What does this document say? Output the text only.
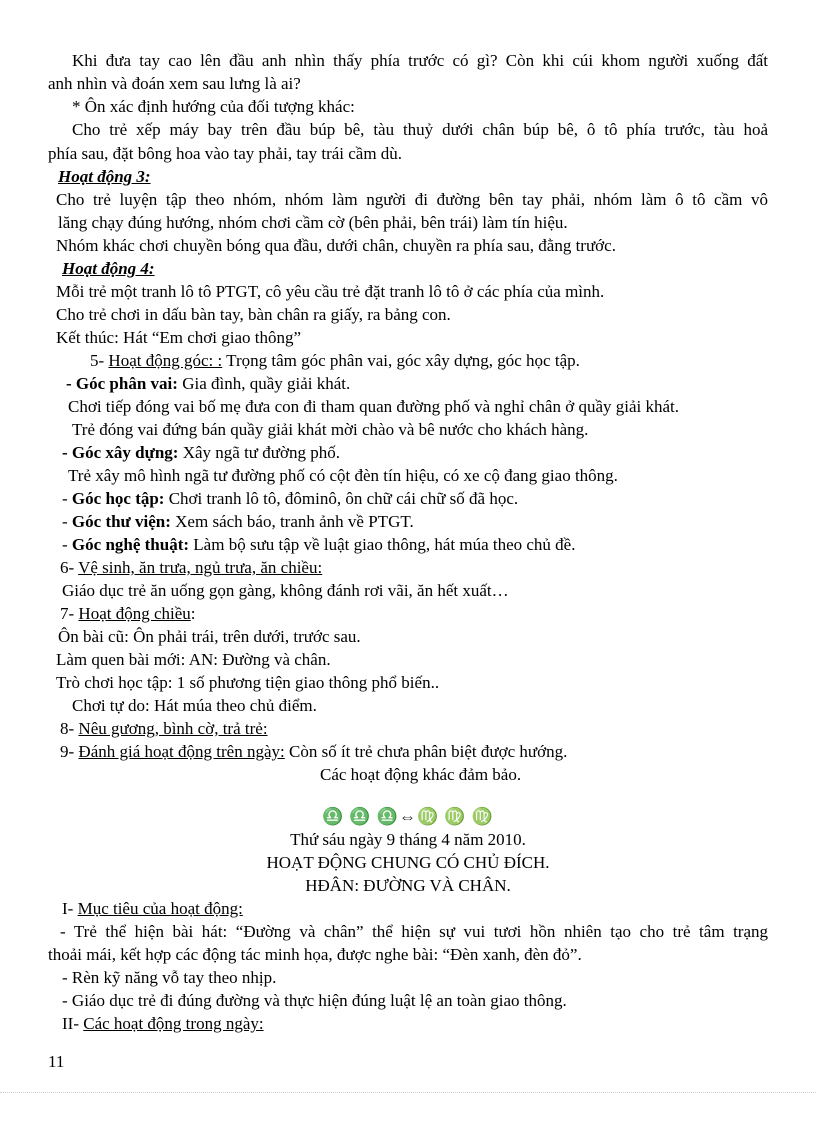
Khi đưa tay cao lên đầu anh nhìn thấy phía trước có gì? Còn khi cúi khom người xuống đất
anh nhìn và đoán xem sau lưng là ai?
* Ôn xác định hướng của đối tượng khác:
Cho trẻ xếp máy bay trên đầu búp bê, tàu thuỷ dưới chân búp bê, ô tô phía trước, tàu hoả
phía sau, đặt bông hoa vào tay phải, tay trái cầm dù.
Hoạt động 3:
Cho trẻ luyện tập theo nhóm, nhóm làm người đi đường bên tay phải, nhóm làm ô tô cầm vô
lăng chạy đúng hướng, nhóm chơi cầm cờ (bên phải, bên trái) làm tín hiệu.
Nhóm khác chơi chuyền bóng qua đầu, dưới chân, chuyền ra phía sau, đằng trước.
Hoạt động 4:
Mỗi trẻ một tranh lô tô PTGT, cô yêu cầu trẻ đặt tranh lô tô ở các phía của mình.
Cho trẻ chơi in dấu bàn tay, bàn chân ra giấy, ra bảng con.
Kết thúc: Hát “Em chơi giao thông”
5- Hoạt động góc: : Trọng tâm góc phân vai, góc xây dựng, góc học tập.
- Góc phân vai: Gia đình, quầy giải khát.
Chơi tiếp đóng vai bố mẹ đưa con đi tham quan đường phố và nghỉ chân ở quầy giải khát.
Trẻ đóng vai đứng bán quầy giải khát mời chào và bê nước cho khách hàng.
- Góc xây dựng: Xây ngã tư đường phố.
Trẻ xây mô hình ngã tư đường phố có cột đèn tín hiệu, có xe cộ đang giao thông.
- Góc học tập: Chơi tranh lô tô, đôminô, ôn chữ cái chữ số đã học.
- Góc thư viện: Xem sách báo, tranh ảnh về PTGT.
- Góc nghệ thuật: Làm bộ sưu tập về luật giao thông, hát múa theo chủ đề.
6- Vệ sinh, ăn trưa, ngủ trưa, ăn chiều:
Giáo dục trẻ ăn uống gọn gàng, không đánh rơi vãi, ăn hết xuất…
7- Hoạt động chiều:
Ôn bài cũ: Ôn phải trái, trên dưới, trước sau.
Làm quen bài mới: AN: Đường và chân.
Trò chơi học tập: 1 số phương tiện giao thông phổ biến..
Chơi tự do: Hát múa theo chủ điểm.
8- Nêu gương, bình cờ, trả trẻ:
9- Đánh giá hoạt động trên ngày: Còn số ít trẻ chưa phân biệt được hướng.
Các hoạt động khác đảm bảo.
♎ ♎ ♎⇔♍ ♍ ♍
Thứ sáu ngày 9 tháng 4 năm 2010.
HOẠT ĐỘNG CHUNG CÓ CHỦ ĐÍCH.
HĐÂN: ĐƯỜNG VÀ CHÂN.
I- Mục tiêu của hoạt động:
- Trẻ thể hiện bài hát: “Đường và chân” thể hiện sự vui tươi hồn nhiên tạo cho trẻ tâm trạng
thoải mái, kết hợp các động tác minh họa, được nghe bài: “Đèn xanh, đèn đỏ”.
- Rèn kỹ năng vỗ tay theo nhịp.
- Giáo dục trẻ đi đúng đường và thực hiện đúng luật lệ an toàn giao thông.
II- Các hoạt động trong ngày:
11
